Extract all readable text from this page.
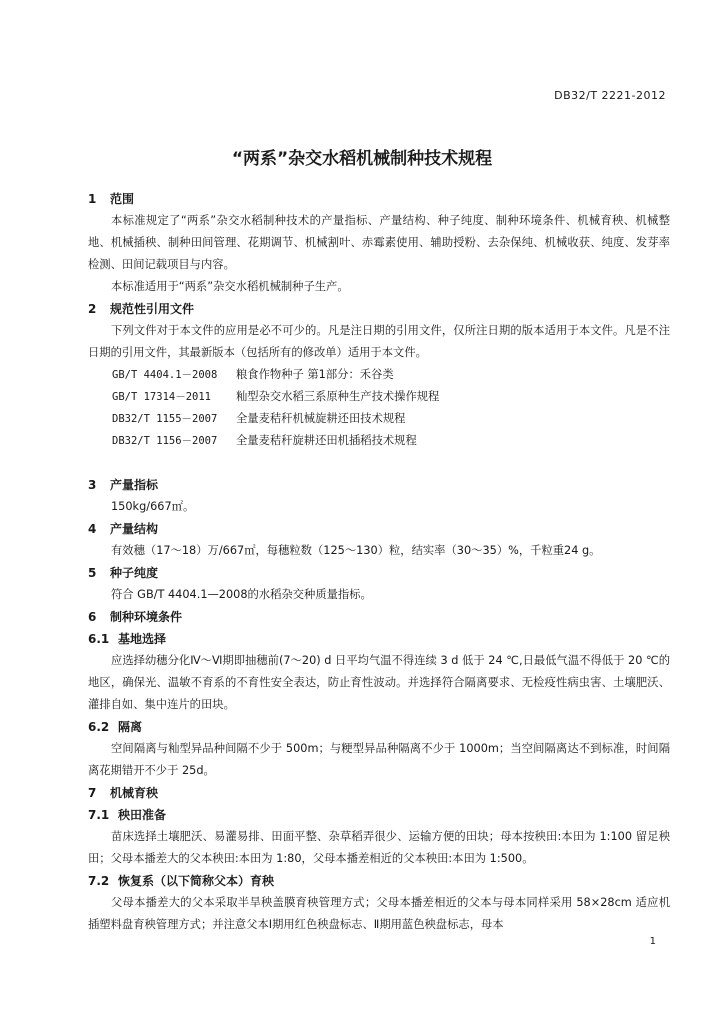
DB32/T 2221-2012
“两系”杂交水稻机械制种技术规程
1 范围
本标准规定了“两系”杂交水稻制种技术的产量指标、产量结构、种子纯度、制种环境条件、机械育秧、机械整地、机械插秧、制种田间管理、花期调节、机械割叶、赤霉素使用、辅助授粉、去杂保纯、机械收获、纯度、发芽率检测、田间记载项目与内容。
本标准适用于“两系”杂交水稻机械制种子生产。
2 规范性引用文件
下列文件对于本文件的应用是必不可少的。凡是注日期的引用文件，仅所注日期的版本适用于本文件。凡是不注日期的引用文件，其最新版本（包括所有的修改单）适用于本文件。
GB/T 4404.1－2008 粮食作物种子 第1部分：禾谷类
GB/T 17314－2011 籼型杂交水稻三系原种生产技术操作规程
DB32/T 1155－2007 全量麦秸秆机械旋耕还田技术规程
DB32/T 1156－2007 全量麦秸秆旋耕还田机插稻技术规程
3 产量指标
150kg/667㎡。
4 产量结构
有效穗（17～18）万/667㎡，每穗粒数（125～130）粒，结实率（30～35）%，千粒重24 g。
5 种子纯度
符合 GB/T 4404.1—2008的水稻杂交种质量指标。
6 制种环境条件
6.1 基地选择
应选择幼穗分化Ⅳ～Ⅵ期即抽穗前(7～20) d 日平均气温不得连续 3 d 低于 24 ℃,日最低气温不得低于 20 ℃的地区，确保光、温敏不育系的不育性安全表达，防止育性波动。并选择符合隔离要求、无检疫性病虫害、土壤肥沃、灌排自如、集中连片的田块。
6.2 隔离
空间隔离与籼型异品种间隔不少于 500m；与粳型异品种隔离不少于 1000m；当空间隔离达不到标准，时间隔离花期错开不少于 25d。
7 机械育秧
7.1 秧田准备
苗床选择土壤肥沃、易灌易排、田面平整、杂草稻弄很少、运输方便的田块；母本按秧田:本田为 1:100 留足秧田；父母本播差大的父本秧田:本田为 1:80，父母本播差相近的父本秧田:本田为 1:500。
7.2 恢复系（以下简称父本）育秧
父母本播差大的父本采取半旱秧盖膜育秧管理方式；父母本播差相近的父本与母本同样采用 58×28cm 适应机插塑料盘育秧管理方式；并注意父本Ⅰ期用红色秧盘标志、Ⅱ期用蓝色秧盘标志，母本
1
